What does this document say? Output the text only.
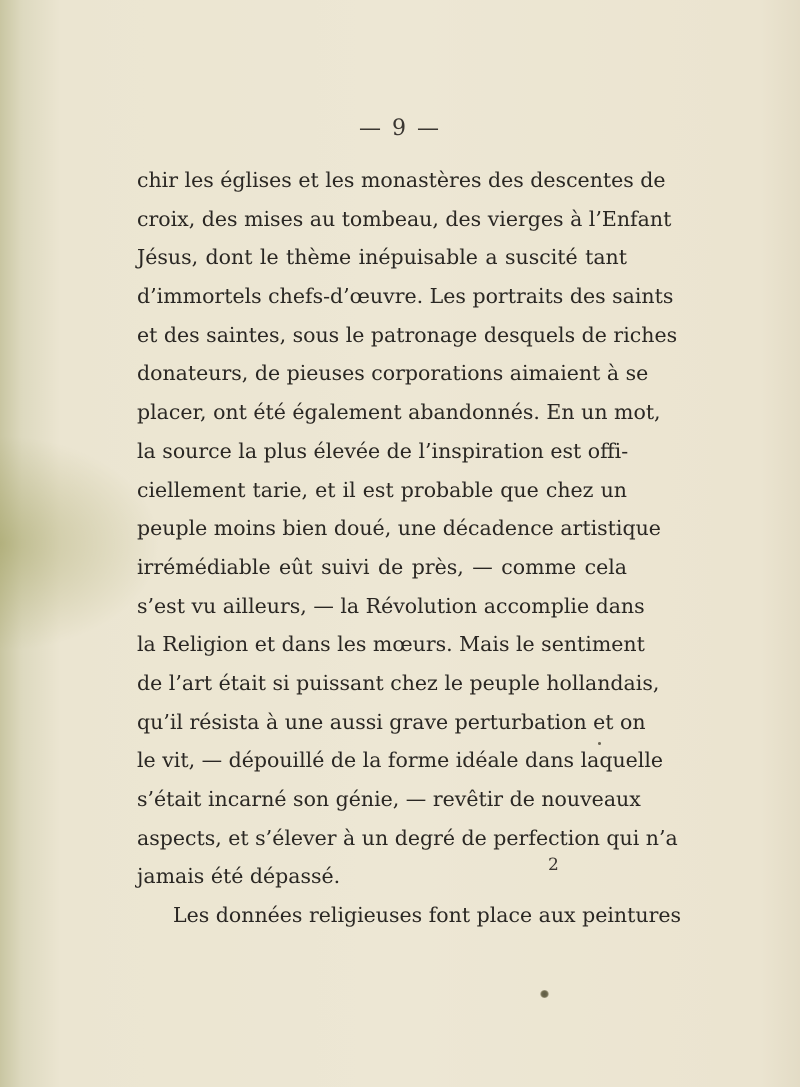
— 9 —
chir les églises et les monastères des descentes de
croix, des mises au tombeau, des vierges à l’Enfant
Jésus, dont le thème inépuisable a suscité tant
d’immortels chefs-d’œuvre. Les portraits des saints
et des saintes, sous le patronage desquels de riches
donateurs, de pieuses corporations aimaient à se
placer, ont été également abandonnés. En un mot,
la source la plus élevée de l’inspiration est offi-
ciellement tarie, et il est probable que chez un
peuple moins bien doué, une décadence artistique
irrémédiable eût suivi de près, — comme cela
s’est vu ailleurs, — la Révolution accomplie dans
la Religion et dans les mœurs. Mais le sentiment
de l’art était si puissant chez le peuple hollandais,
qu’il résista à une aussi grave perturbation et on
le vit, — dépouillé de la forme idéale dans laquelle
s’était incarné son génie, — revêtir de nouveaux
aspects, et s’élever à un degré de perfection qui n’a
jamais été dépassé.
Les données religieuses font place aux peintures
2
